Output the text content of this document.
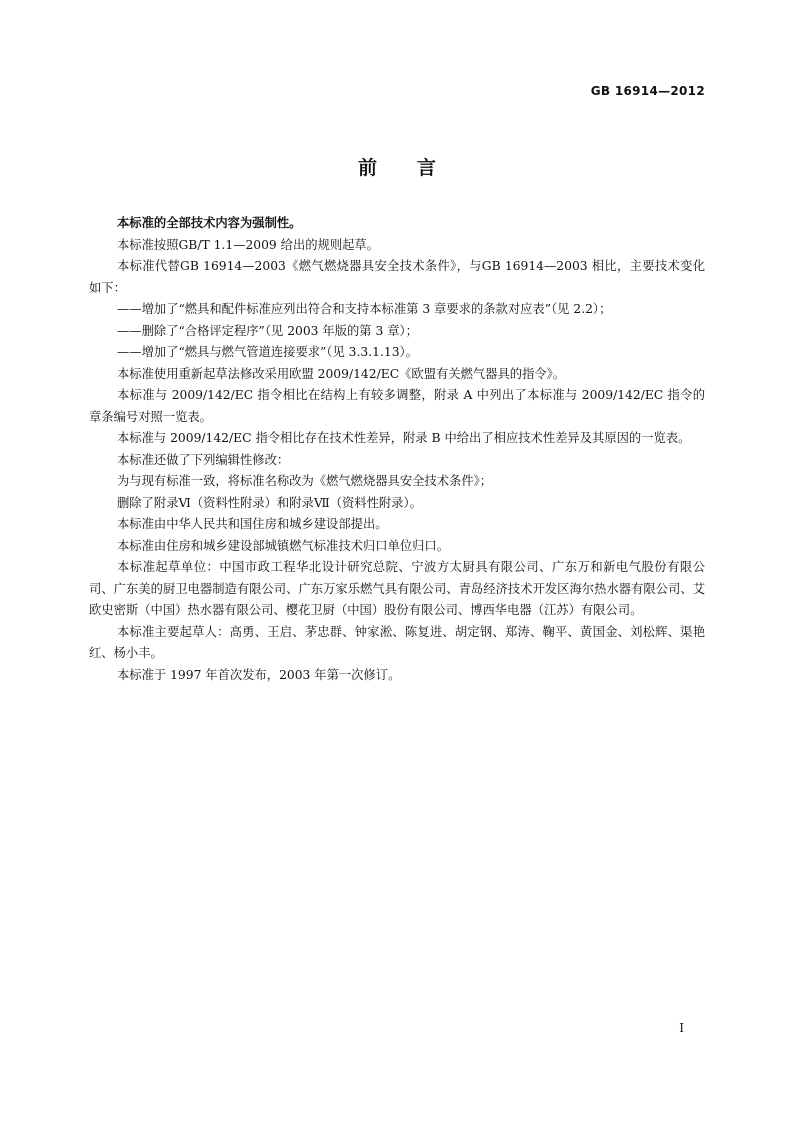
GB 16914—2012
前言

本标准的全部技术内容为强制性。

本标准按照GB/T 1.1—2009 给出的规则起草。

本标准代替GB 16914—2003《燃气燃烧器具安全技术条件》，与GB 16914—2003 相比，主要技术变化如下：

——增加了“燃具和配件标准应列出符合和支持本标准第 3 章要求的条款对应表”（见 2.2）；

——删除了“合格评定程序”（见 2003 年版的第 3 章）；

——增加了“燃具与燃气管道连接要求”（见 3.3.1.13）。

本标准使用重新起草法修改采用欧盟 2009/142/EC《欧盟有关燃气器具的指令》。

本标准与 2009/142/EC 指令相比在结构上有较多调整，附录 A 中列出了本标准与 2009/142/EC 指令的章条编号对照一览表。

本标准与 2009/142/EC 指令相比存在技术性差异，附录 B 中给出了相应技术性差异及其原因的一览表。

本标准还做了下列编辑性修改：

为与现有标准一致，将标准名称改为《燃气燃烧器具安全技术条件》；

删除了附录Ⅵ（资料性附录）和附录Ⅶ（资料性附录）。

本标准由中华人民共和国住房和城乡建设部提出。

本标准由住房和城乡建设部城镇燃气标准技术归口单位归口。

本标准起草单位：中国市政工程华北设计研究总院、宁波方太厨具有限公司、广东万和新电气股份有限公司、广东美的厨卫电器制造有限公司、广东万家乐燃气具有限公司、青岛经济技术开发区海尔热水器有限公司、艾欧史密斯（中国）热水器有限公司、樱花卫厨（中国）股份有限公司、博西华电器（江苏）有限公司。

本标准主要起草人：高勇、王启、茅忠群、钟家淞、陈复进、胡定钢、郑涛、鞠平、黄国金、刘松辉、渠艳红、杨小丰。

本标准于 1997 年首次发布，2003 年第一次修订。

I
